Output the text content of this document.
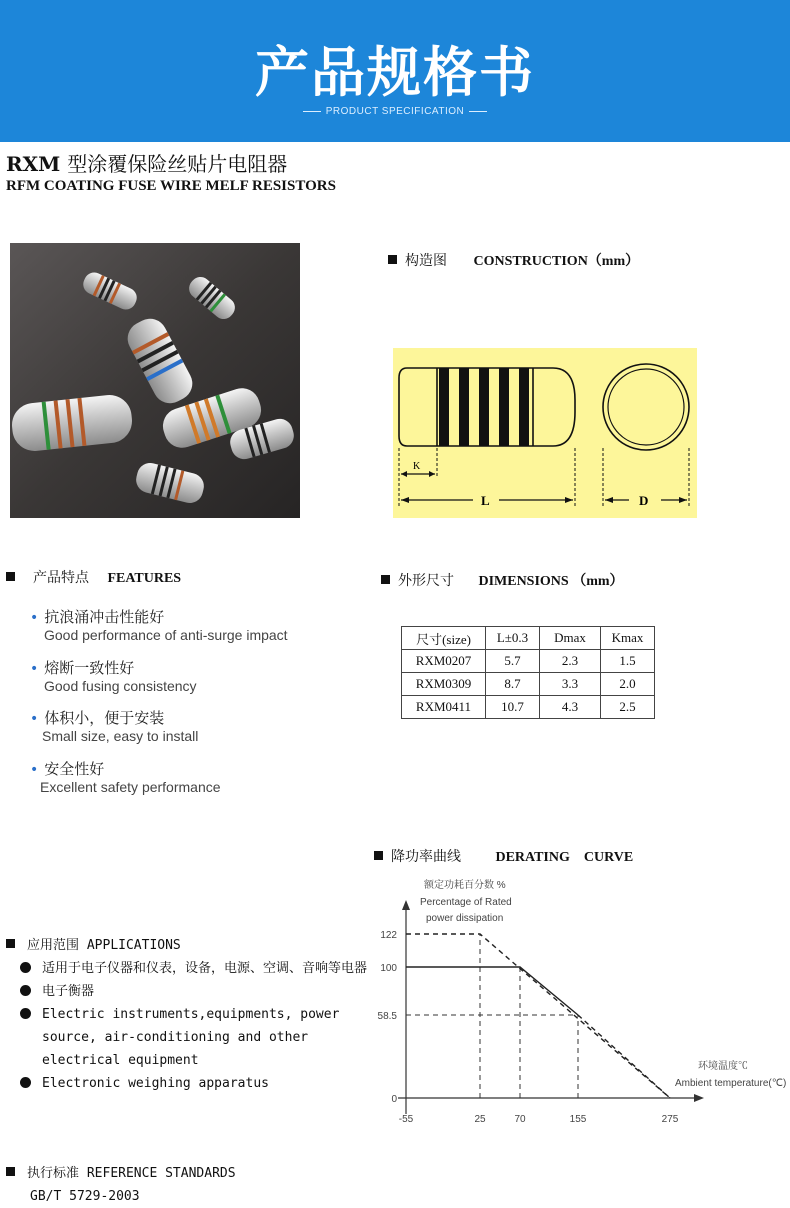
产品规格书
PRODUCT SPECIFICATION
RXM 型涂覆保险丝贴片电阻器
RFM COATING FUSE WIRE MELF RESISTORS
构造图 CONSTRUCTION（mm）
K
L	D
产品特点 FEATURES
• 抗浪涌冲击性能好
Good performance of anti-surge impact
• 熔断一致性好
Good fusing consistency
• 体积小，便于安装
Small size, easy to install
• 安全性好
Excellent safety performance
外形尺寸 DIMENSIONS （mm）
尺寸(size)	L±0.3	Dmax	Kmax
RXM0207	5.7	2.3	1.5
RXM0309	8.7	3.3	2.0
RXM0411	10.7	4.3	2.5
降功率曲线 DERATING　CURVE
额定功耗百分数 %
Percentage of Rated
power dissipation
环境温度℃
Ambient temperature(℃)
-55	25	70	155	275
0
58.5
100
122
应用范围 APPLICATIONS
适用于电子仪器和仪表，设备，电源、空调、音响等电器
电子衡器
Electric instruments,equipments, power source, air-conditioning and other electrical equipment
Electronic weighing apparatus
执行标准 REFERENCE STANDARDS
GB/T 5729-2003
